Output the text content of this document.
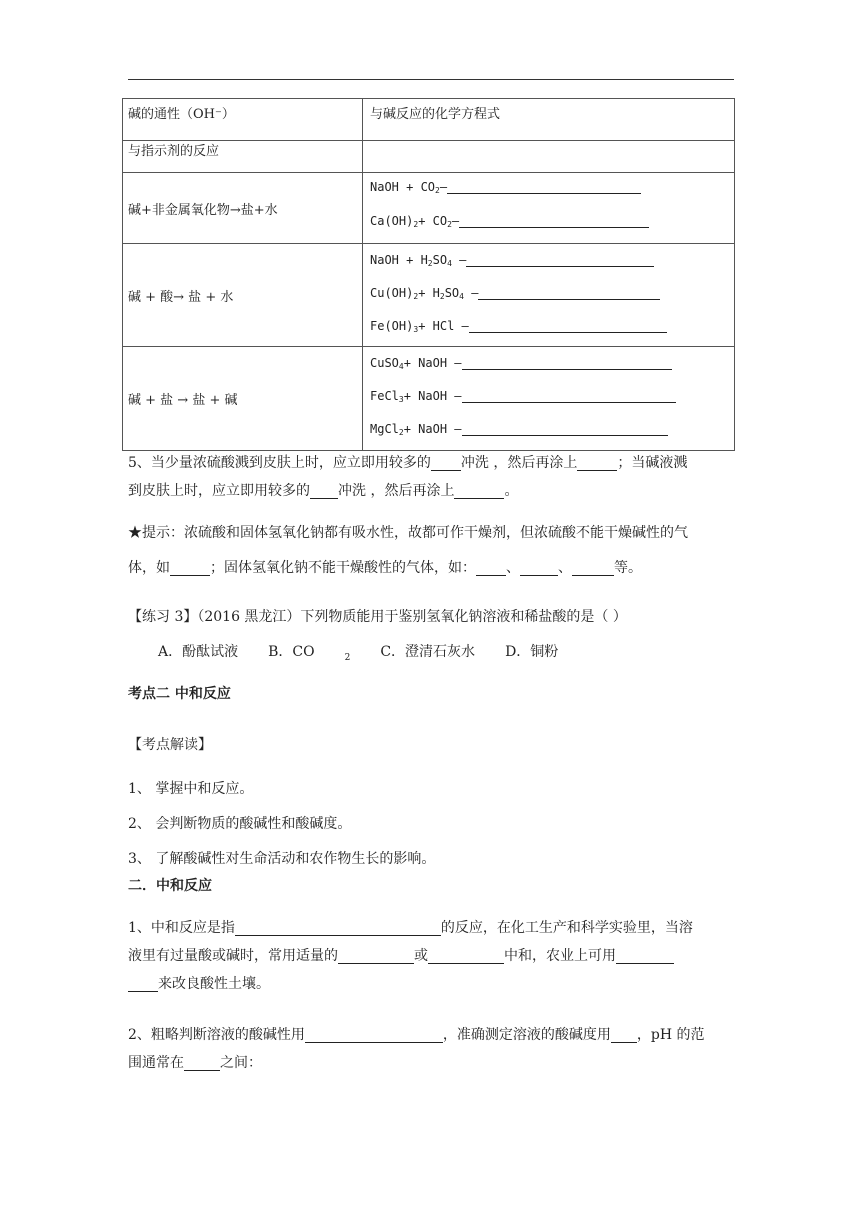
碱的通性（OH⁻）	与碱反应的化学方程式

与指示剂的反应	

碱+非金属氧化物→盐+水	NaOH + $CO_2—$
$Ca(OH)_2+$ $CO_2—$

碱 + 酸→ 盐 + 水	NaOH + $H_2SO_4$ —
$Cu(OH)_2+ H_2SO_4$ —
$Fe(OH)_3+$ HCl —

碱 + 盐 → 盐 + 碱	CuSO$_4$+ NaOH —
FeCl$_3$+ NaOH —
MgCl$_2$+ NaOH —
5、当少量浓硫酸溅到皮肤上时，应立即用较多的 冲洗 ，然后再涂上	；当碱液溅
到皮肤上时，应立即用较多的 冲洗 ，然后再涂上	。
★提示：浓硫酸和固体氢氧化钠都有吸水性，故都可作干燥剂，但浓硫酸不能干燥碱性的气
体，如	；固体氢氧化钠不能干燥酸性的气体，如： 、	、	等。
【练习 3】（2016 黑龙江）下列物质能用于鉴别氢氧化钠溶液和稀盐酸的是（ ）
A．酚酞试液 B．CO	$_2$ C．澄清石灰水 D．铜粉
考点二 中和反应
【考点解读】
1、 掌握中和反应。
2、 会判断物质的酸碱性和酸碱度。
3、 了解酸碱性对生命活动和农作物生长的影响。
二．中和反应
1、中和反应是指	的反应，在化工生产和科学实验里，当溶
液里有过量酸或碱时，常用适量的	或	中和，农业上可用
来改良酸性土壤。
2、粗略判断溶液的酸碱性用	，准确测定溶液的酸碱度用 ，pH 的范
围通常在	之间：
